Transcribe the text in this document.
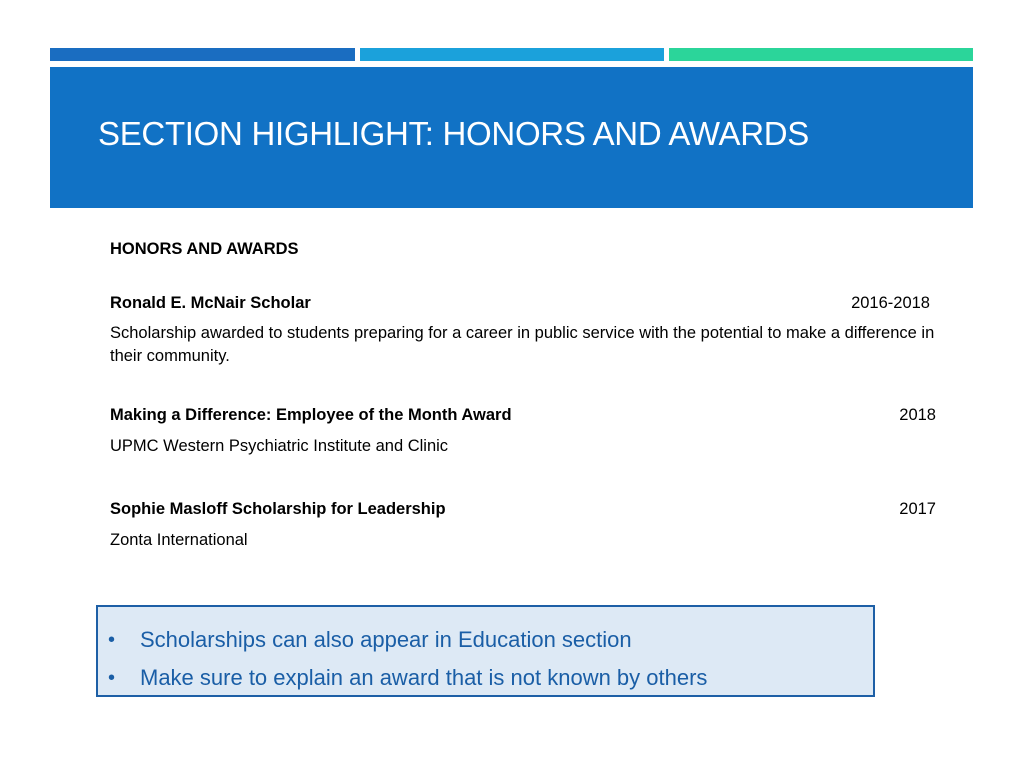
SECTION HIGHLIGHT: HONORS AND AWARDS
HONORS AND AWARDS
Ronald E. McNair Scholar	2016-2018
Scholarship awarded to students preparing for a career in public service with the potential to make a difference in their community.
Making a Difference: Employee of the Month Award	2018
UPMC Western Psychiatric Institute and Clinic
Sophie Masloff Scholarship for Leadership	2017
Zonta International
• Scholarships can also appear in Education section
• Make sure to explain an award that is not known by others
